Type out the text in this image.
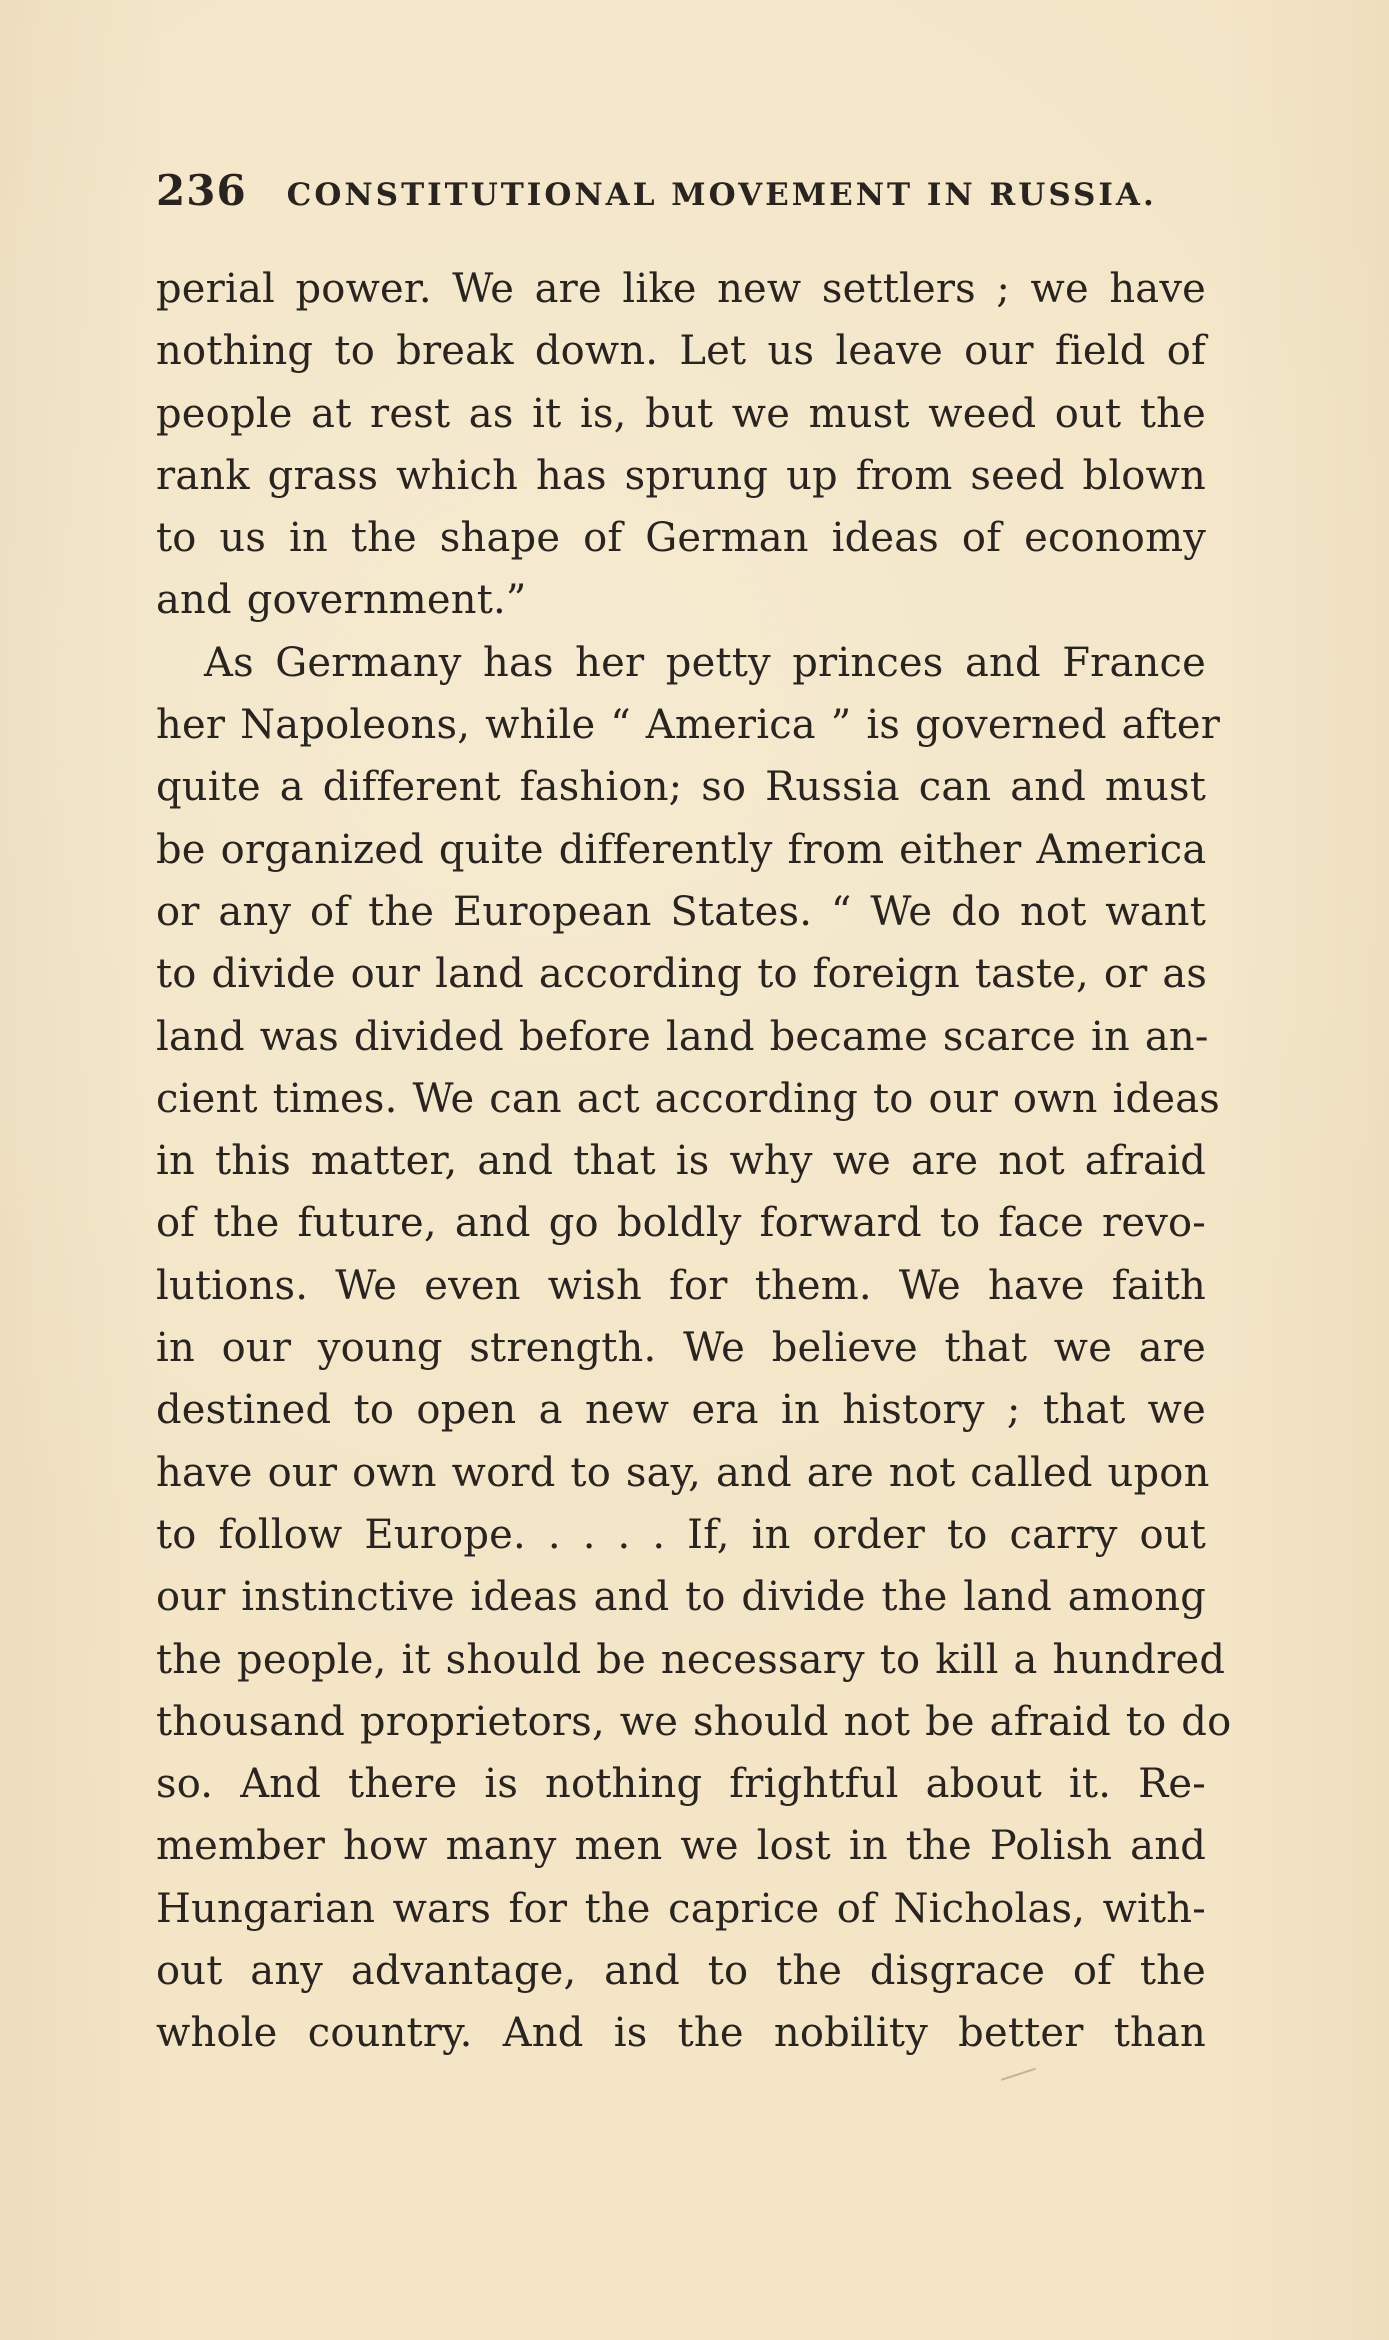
236 CONSTITUTIONAL MOVEMENT IN RUSSIA.
perial power. We are like new settlers ; we have
nothing to break down. Let us leave our field of
people at rest as it is, but we must weed out the
rank grass which has sprung up from seed blown
to us in the shape of German ideas of economy
and government.”
As Germany has her petty princes and France
her Napoleons, while “ America ” is governed after
quite a different fashion; so Russia can and must
be organized quite differently from either America
or any of the European States. “ We do not want
to divide our land according to foreign taste, or as
land was divided before land became scarce in an-
cient times. We can act according to our own ideas
in this matter, and that is why we are not afraid
of the future, and go boldly forward to face revo-
lutions. We even wish for them. We have faith
in our young strength. We believe that we are
destined to open a new era in history ; that we
have our own word to say, and are not called upon
to follow Europe. . . . . If, in order to carry out
our instinctive ideas and to divide the land among
the people, it should be necessary to kill a hundred
thousand proprietors, we should not be afraid to do
so. And there is nothing frightful about it. Re-
member how many men we lost in the Polish and
Hungarian wars for the caprice of Nicholas, with-
out any advantage, and to the disgrace of the
whole country. And is the nobility better than
